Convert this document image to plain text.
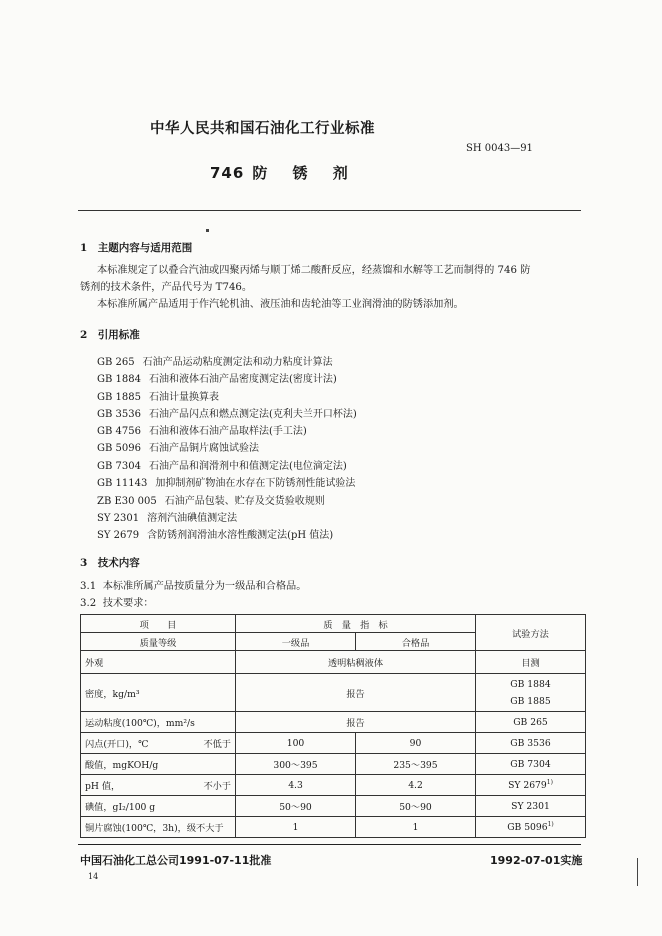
中华人民共和国石油化工行业标准
SH 0043—91
746 防 锈 剂
1　主题内容与适用范围
本标准规定了以叠合汽油或四聚丙烯与顺丁烯二酸酐反应，经蒸馏和水解等工艺而制得的 746 防
锈剂的技术条件，产品代号为 T746。
本标准所属产品适用于作汽轮机油、液压油和齿轮油等工业润滑油的防锈添加剂。
2　引用标准
GB 265 石油产品运动粘度测定法和动力粘度计算法
GB 1884 石油和液体石油产品密度测定法(密度计法)
GB 1885 石油计量换算表
GB 3536 石油产品闪点和燃点测定法(克利夫兰开口杯法)
GB 4756 石油和液体石油产品取样法(手工法)
GB 5096 石油产品铜片腐蚀试验法
GB 7304 石油产品和润滑剂中和值测定法(电位滴定法)
GB 11143 加抑制剂矿物油在水存在下防锈剂性能试验法
ZB E30 005 石油产品包装、贮存及交货验收规则
SY 2301 溶剂汽油碘值测定法
SY 2679 含防锈剂润滑油水溶性酸测定法(pH 值法)
3　技术内容
3.1 本标准所属产品按质量分为一级品和合格品。
3.2 技术要求：
项　　目	质　量　指　标		试验方法
质量等级	一级品	合格品	
外观	透明粘稠液体		目测
密度，kg/m³	报告		GB 1884
GB 1885

运动粘度(100℃)，mm²/s	报告		GB 265

闪点(开口)，℃ 不低于	100	90	GB 3536
酸值，mgKOH/g	300～395	235～395	GB 7304

pH 值， 不小于	4.3	4.2	SY 2679$^{1)}$
碘值，gI₂/100 g	50～90	50～90	SY 2301
铜片腐蚀(100℃，3h)，级不大于	1	1	GB 5096$^{1)}$
中国石油化工总公司1991-07-11批准	1992-07-01实施
14
